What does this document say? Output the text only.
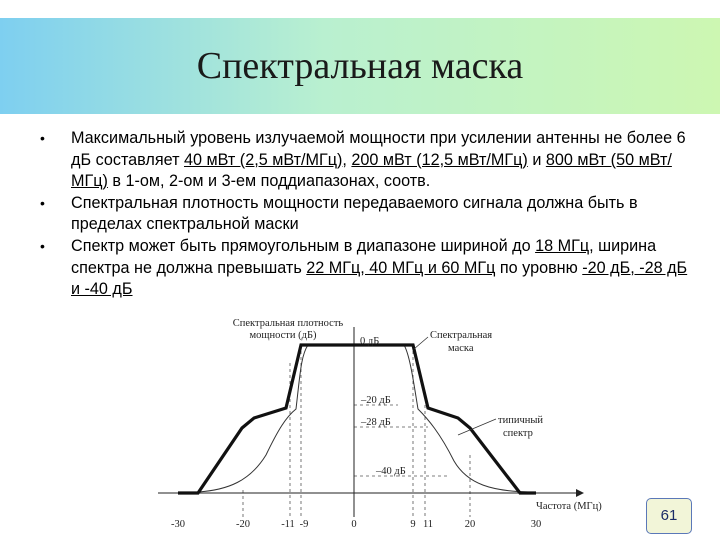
Спектральная маска
• Максимальный уровень излучаемой мощности при усилении антенны не более 6 дБ составляет 40 мВт (2,5 мВт/МГц), 200 мВт (12,5 мВт/МГц) и 800 мВт (50 мВт/МГц) в 1-ом, 2-ом и 3-ем поддиапазонах, соотв.
• Спектральная плотность мощности передаваемого сигнала должна быть в пределах спектральной маски
• Спектр может быть прямоугольным в диапазоне шириной до 18 МГц, ширина спектра не должна превышать 22 МГц, 40 МГц и 60 МГц по уровню -20 дБ, -28 дБ и -40 дБ
Спектральная плотность
мощности (дБ)	Спектральная
маска
типичный
спектр
0 дБ
–20 дБ
–28 дБ
–40 дБ
Частота (МГц)
-30	-20	-11 -9	0	9 11	20	30
61
